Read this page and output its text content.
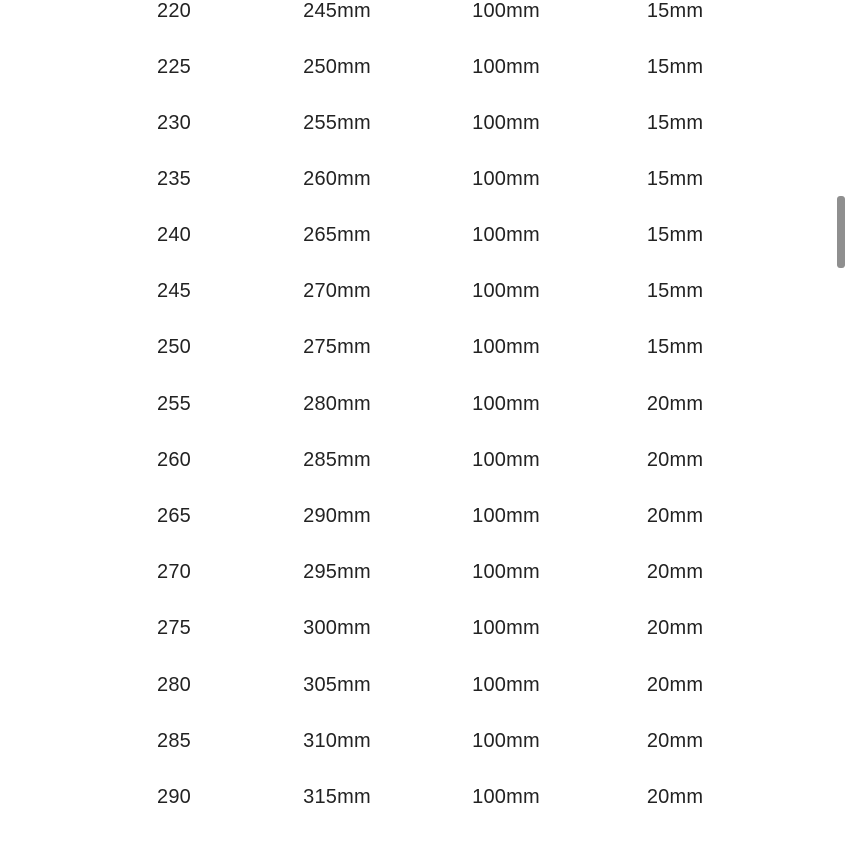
220	245mm	100mm	15mm
225	250mm	100mm	15mm
230	255mm	100mm	15mm
235	260mm	100mm	15mm
240	265mm	100mm	15mm
245	270mm	100mm	15mm
250	275mm	100mm	15mm
255	280mm	100mm	20mm
260	285mm	100mm	20mm
265	290mm	100mm	20mm
270	295mm	100mm	20mm
275	300mm	100mm	20mm
280	305mm	100mm	20mm
285	310mm	100mm	20mm
290	315mm	100mm	20mm
